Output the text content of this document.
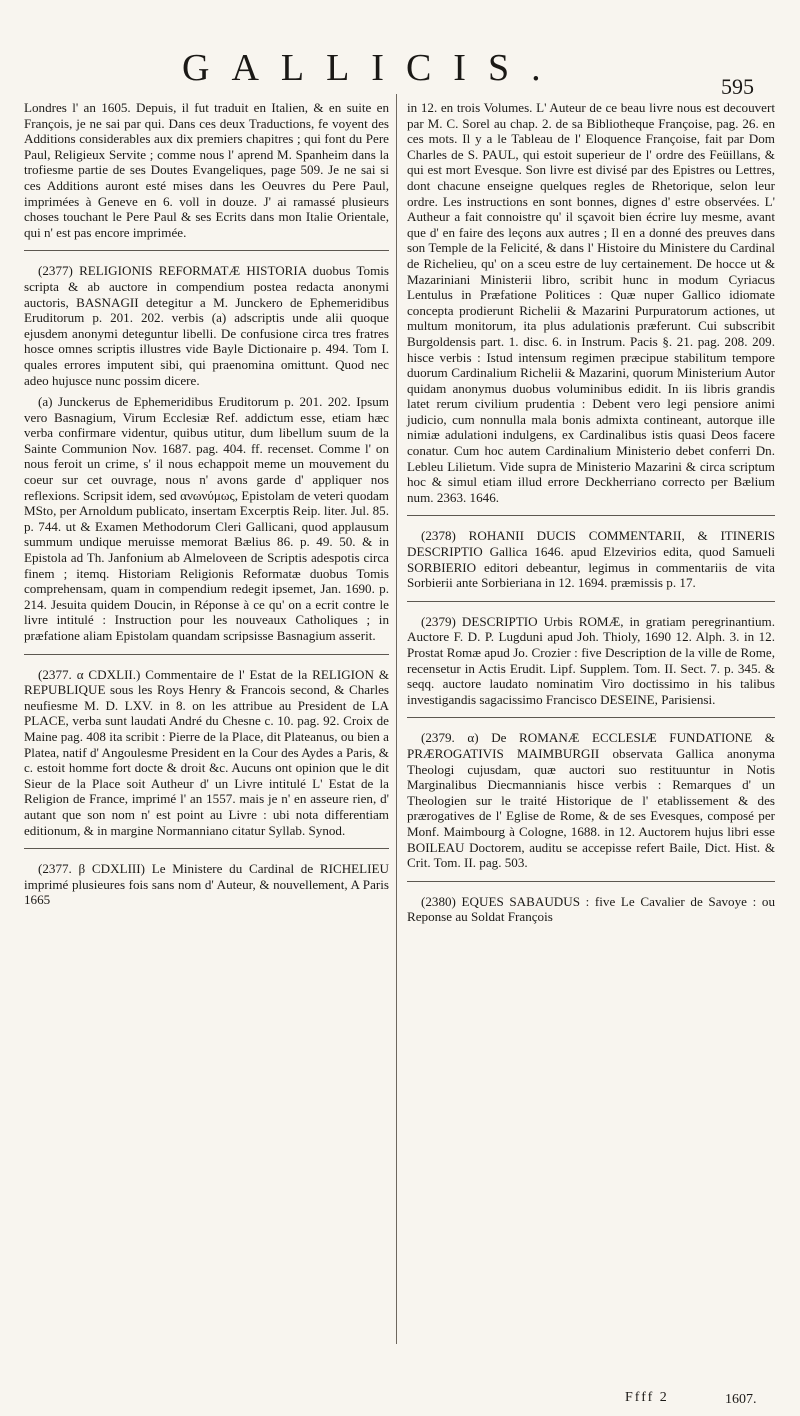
GALLICIS.	595
Londres l' an 1605. Depuis, il fut traduit en Italien, & en suite en François, je ne sai par qui. Dans ces deux Traductions, fe voyent des Additions considerables aux dix premiers chapitres ; qui font du Pere Paul, Religieux Servite ; comme nous l' aprend M. Spanheim dans la trofiesme partie de ses Doutes Evangeliques, page 509. Je ne sai si ces Additions auront esté mises dans les Oeuvres du Pere Paul, imprimées à Geneve en 6. voll in douze. J' ai ramassé plusieurs choses touchant le Pere Paul & ses Ecrits dans mon Italie Orientale, qui n' est pas encore imprimée.
(2377) RELIGIONIS REFORMATÆ HISTORIA duobus Tomis scripta & ab auctore in compendium postea redacta anonymi auctoris, BASNAGII detegitur a M. Junckero de Ephemeridibus Eruditorum p. 201. 202. verbis (a) adscriptis unde alii quoque ejusdem anonymi deteguntur libelli. De confusione circa tres fratres hosce omnes scriptis illustres vide Bayle Dictionaire p. 494. Tom I. quales errores imputent sibi, qui praenomina omittunt. Quod nec adeo hujusce nunc possim dicere.
(a) Junckerus de Ephemeridibus Eruditorum p. 201. 202. Ipsum vero Basnagium, Virum Ecclesiæ Ref. addictum esse, etiam hæc verba confirmare videntur, quibus utitur, dum libellum suum de la Sainte Communion Nov. 1687. pag. 404. ff. recenset. Comme l' on nous feroit un crime, s' il nous echappoit meme un mouvement du coeur sur cet ouvrage, nous n' avons garde d' appliquer nos reflexions. Scripsit idem, sed ανωνύμως, Epistolam de veteri quodam MSto, per Arnoldum publicato, insertam Excerptis Reip. liter. Jul. 85. p. 744. ut & Examen Methodorum Cleri Gallicani, quod applausum summum undique meruisse memorat Bælius 86. p. 49. 50. & in Epistola ad Th. Janfonium ab Almeloveen de Scriptis adespotis circa finem ; itemq. Historiam Religionis Reformatæ duobus Tomis comprehensam, quam in compendium redegit ipsemet, Jan. 1690. p. 214. Jesuita quidem Doucin, in Réponse à ce qu' on a ecrit contre le livre intitulé : Instruction pour les nouveaux Catholiques ; in præfatione aliam Epistolam quandam scripsisse Basnagium asserit.
(2377. α CDXLII.) Commentaire de l' Estat de la RELIGION & REPUBLIQUE sous les Roys Henry & Francois second, & Charles neufiesme M. D. LXV. in 8. on les attribue au President de LA PLACE, verba sunt laudati André du Chesne c. 10. pag. 92. Croix de Maine pag. 408 ita scribit : Pierre de la Place, dit Plateanus, ou bien a Platea, natif d' Angoulesme President en la Cour des Aydes a Paris, & c. estoit homme fort docte & droit &c. Aucuns ont opinion que le dit Sieur de la Place soit Autheur d' un Livre intitulé L' Estat de la Religion de France, imprimé l' an 1557. mais je n' en asseure rien, d' autant que son nom n' est point au Livre : ubi nota differentiam editionum, & in margine Normanniano citatur Syllab. Synod.
(2377. β CDXLIII) Le Ministere du Cardinal de RICHELIEU imprimé plusieures fois sans nom d' Auteur, & nouvellement, A Paris 1665
in 12. en trois Volumes. L' Auteur de ce beau livre nous est decouvert par M. C. Sorel au chap. 2. de sa Bibliotheque Françoise, pag. 26. en ces mots. Il y a le Tableau de l' Eloquence Françoise, fait par Dom Charles de S. PAUL, qui estoit superieur de l' ordre des Feüillans, & qui est mort Evesque. Son livre est divisé par des Epistres ou Lettres, dont chacune enseigne quelques regles de Rhetorique, selon leur ordre. Les instructions en sont bonnes, dignes d' estre observées. L' Autheur a fait connoistre qu' il sçavoit bien écrire luy mesme, avant que d' en faire des leçons aux autres ; Il en a donné des preuves dans son Temple de la Felicité, & dans l' Histoire du Ministere du Cardinal de Richelieu, qu' on a sceu estre de luy certainement. De hocce ut & Mazariniani Ministerii libro, scribit hunc in modum Cyriacus Lentulus in Præfatione Politices : Quæ nuper Gallico idiomate concepta prodierunt Richelii & Mazarini Purpuratorum actiones, ut multum monitorum, ita plus adulationis præferunt. Cui subscribit Burgoldensis part. 1. disc. 6. in Instrum. Pacis §. 21. pag. 208. 209. hisce verbis : Istud intensum regimen præcipue stabilitum tempore duorum Cardinalium Richelii & Mazarini, quorum Ministerium Autor quidam anonymus duobus voluminibus edidit. In iis libris grandis latet rerum civilium prudentia : Debent vero legi pensiore animi judicio, cum nonnulla mala bonis admixta contineant, autorque ille nimiæ adulationi indulgens, ex Cardinalibus istis quasi Deos facere conatur. Cum hoc autem Cardinalium Ministerio debet conferri Dn. Lebleu Lilietum. Vide supra de Ministerio Mazarini & circa scriptum hoc & simul etiam illud errore Deckherriano correcto per Bælium num. 2363. 1646.
(2378) ROHANII DUCIS COMMENTARII, & ITINERIS DESCRIPTIO Gallica 1646. apud Elzevirios edita, quod Samueli SORBIERIO editori debeantur, legimus in commentariis de vita Sorbierii ante Sorbieriana in 12. 1694. præmissis p. 17.
(2379) DESCRIPTIO Urbis ROMÆ, in gratiam peregrinantium. Auctore F. D. P. Lugduni apud Joh. Thioly, 1690 12. Alph. 3. in 12. Prostat Romæ apud Jo. Crozier : five Description de la ville de Rome, recensetur in Actis Erudit. Lipf. Supplem. Tom. II. Sect. 7. p. 345. & seqq. auctore laudato nominatim Viro doctissimo in his talibus investigandis sagacissimo Francisco DESEINE, Parisiensi.
(2379. α) De ROMANÆ ECCLESIÆ FUNDATIONE & PRÆROGATIVIS MAIMBURGII observata Gallica anonyma Theologi cujusdam, quæ auctori suo restituuntur in Notis Marginalibus Diecmannianis hisce verbis : Remarques d' un Theologien sur le traité Historique de l' etablissement & des prærogatives de l' Eglise de Rome, & de ses Evesques, composé per Monf. Maimbourg à Cologne, 1688. in 12. Auctorem hujus libri esse BOILEAU Doctorem, auditu se accepisse refert Baile, Dict. Hist. & Crit. Tom. II. pag. 503.
(2380) EQUES SABAUDUS : five Le Cavalier de Savoye : ou Reponse au Soldat François
Ffff 2	1607.
